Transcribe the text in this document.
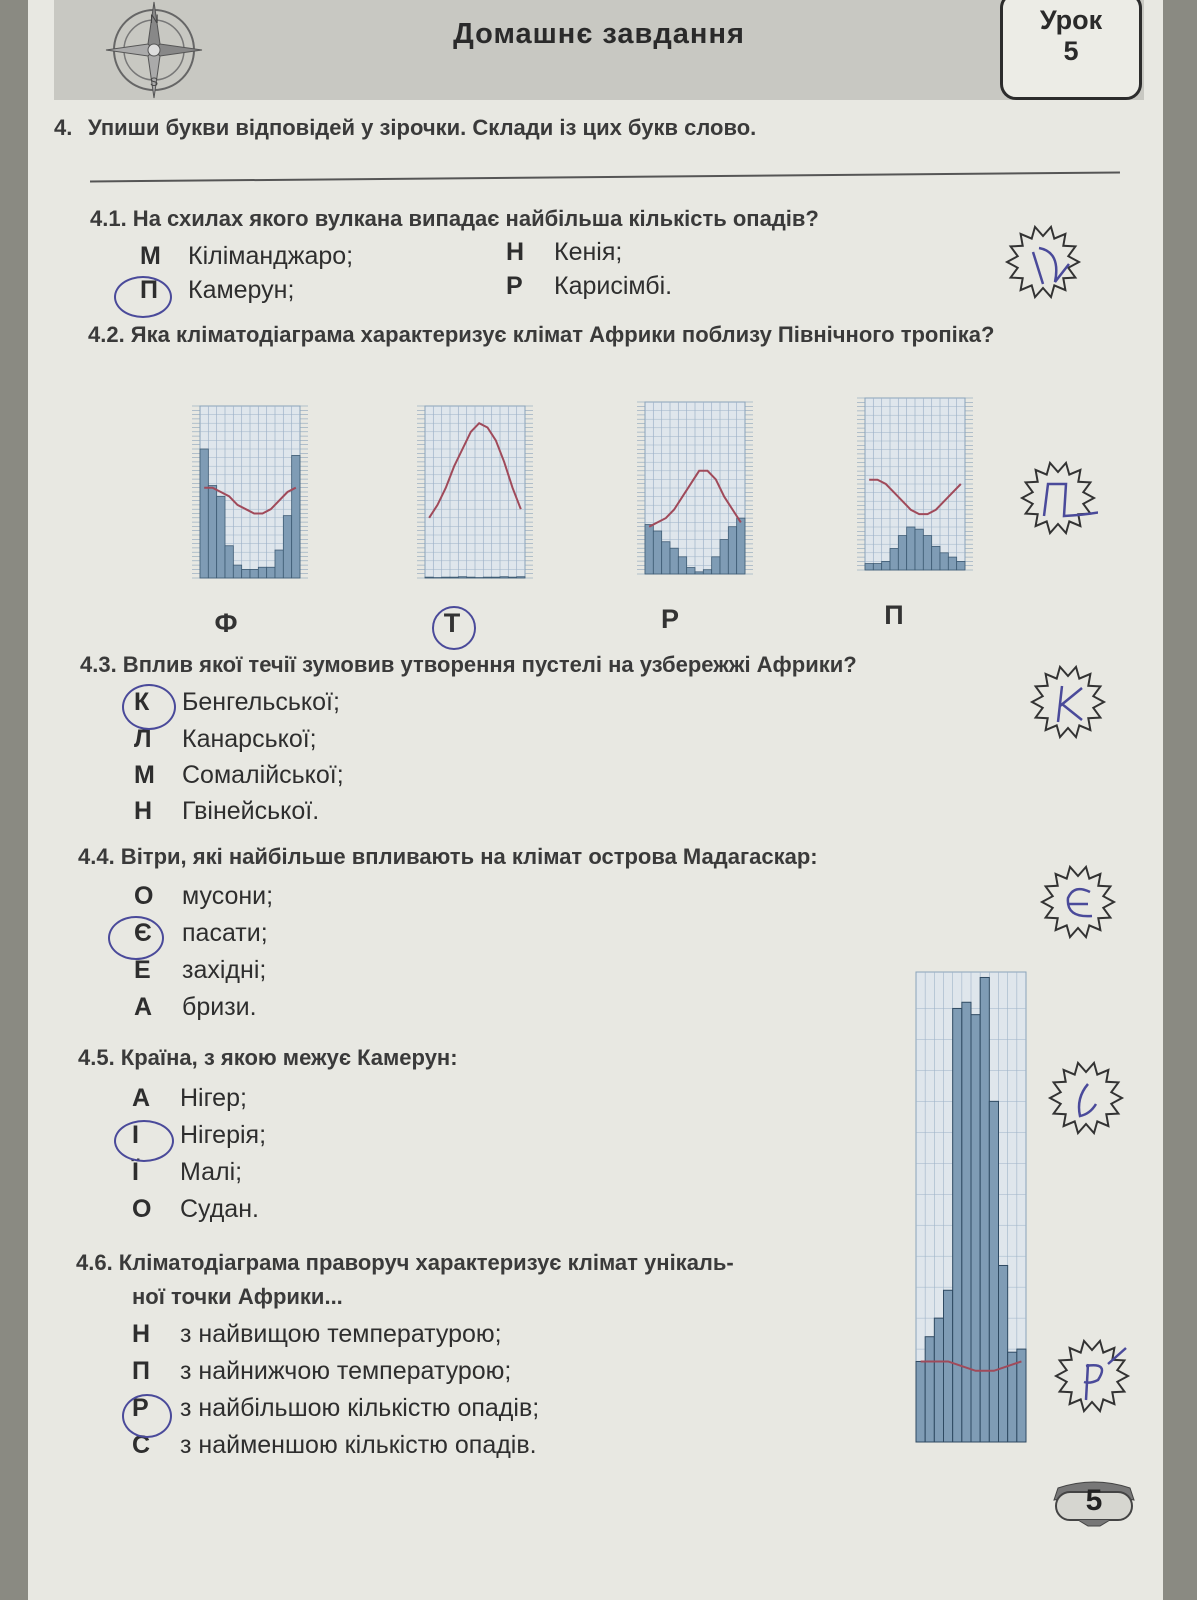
N
S
Домашнє завдання	Урок
5
4. Упиши букви відповідей у зірочки. Склади із цих букв слово.
4.1. На схилах якого вулкана випадає найбільша кількість опадів?
М Кіліманджаро;	Н Кенія;
П Камерун;	Р Карисімбі.
4.2. Яка кліматодіаграма характеризує клімат Африки поблизу Північного тропіка?
Ф	Т	Р	П
4.3. Вплив якої течії зумовив утворення пустелі на узбережжі Африки?
К Бенгельської;
Л Канарської;
М Сомалійської;
Н Гвінейської.
4.4. Вітри, які найбільше впливають на клімат острова Мадагаскар:
О мусони;
Є пасати;
Е західні;
А бризи.
4.5. Країна, з якою межує Камерун:
А Нігер;
І Нігерія;
Ї Малі;
О Судан.
4.6. Кліматодіаграма праворуч характеризує клімат унікаль-
ної точки Африки...
Н з найвищою температурою;
П з найнижчою температурою;
Р з найбільшою кількістю опадів;
С з найменшою кількістю опадів.
5
